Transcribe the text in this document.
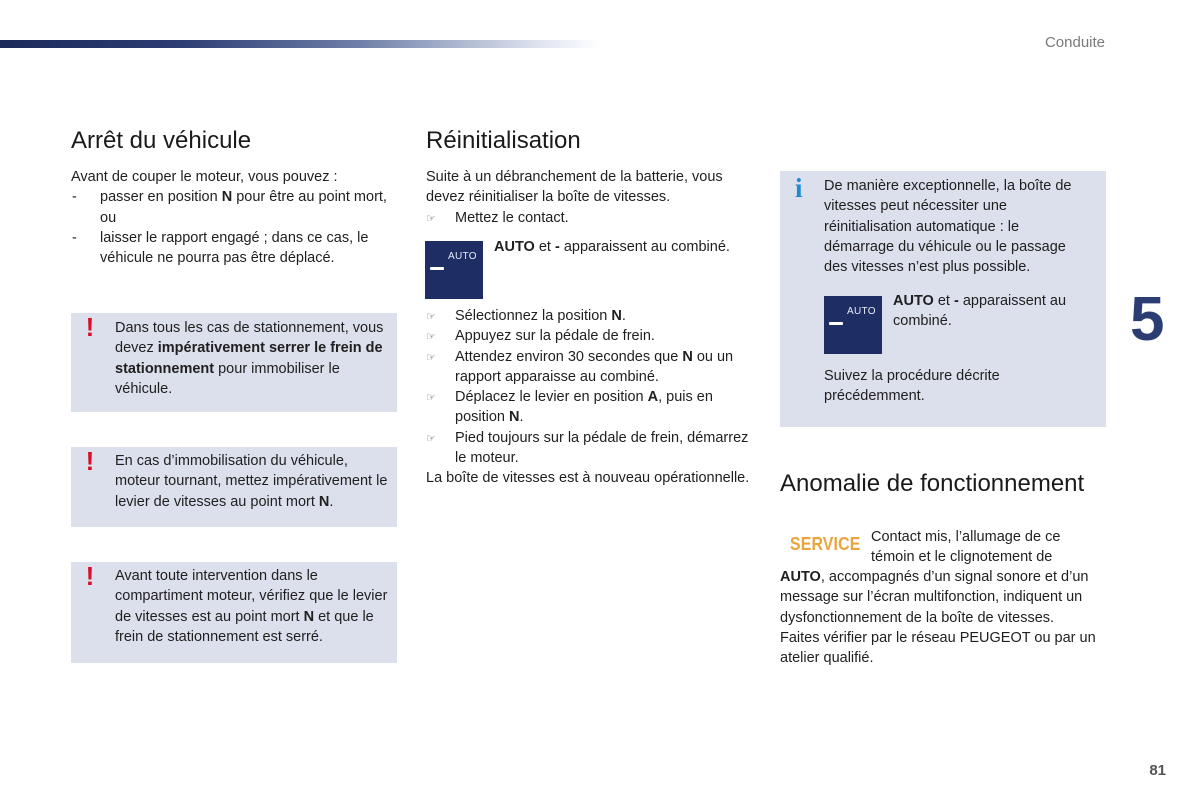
Conduite
5
81
Arrêt du véhicule

Avant de couper le moteur, vous pouvez :

- passer en position N pour être au point mort,
ou
- laisser le rapport engagé ; dans ce cas, le véhicule ne pourra pas être déplacé.
! Dans tous les cas de stationnement, vous devez impérativement serrer le frein de stationnement pour immobiliser le véhicule.

! En cas d’immobilisation du véhicule, moteur tournant, mettez impérativement le levier de vitesses au point mort N.

! Avant toute intervention dans le compartiment moteur, vérifiez que le levier de vitesses est au point mort N et que le frein de stationnement est serré.

Réinitialisation

Suite à un débranchement de la batterie, vous devez réinitialiser la boîte de vitesses.

☞ Mettez le contact.
AUTO

AUTO et - apparaissent au combiné.

☞ Sélectionnez la position N.
☞ Appuyez sur la pédale de frein.
☞ Attendez environ 30 secondes que N ou un rapport apparaisse au combiné.
☞ Déplacez le levier en position A, puis en position N.
☞ Pied toujours sur la pédale de frein, démarrez le moteur.

La boîte de vitesses est à nouveau opérationnelle.

i De manière exceptionnelle, la boîte de vitesses peut nécessiter une réinitialisation automatique : le démarrage du véhicule ou le passage des vitesses n’est plus possible.

AUTO

AUTO et - apparaissent au combiné.

Suivez la procédure décrite précédemment.

Anomalie de fonctionnement
SERVICE Contact mis, l’allumage de ce témoin et le clignotement de

AUTO, accompagnés d’un signal sonore et d’un message sur l’écran multifonction, indiquent un dysfonctionnement de la boîte de vitesses.
Faites vérifier par le réseau PEUGEOT ou par un atelier qualifié.
